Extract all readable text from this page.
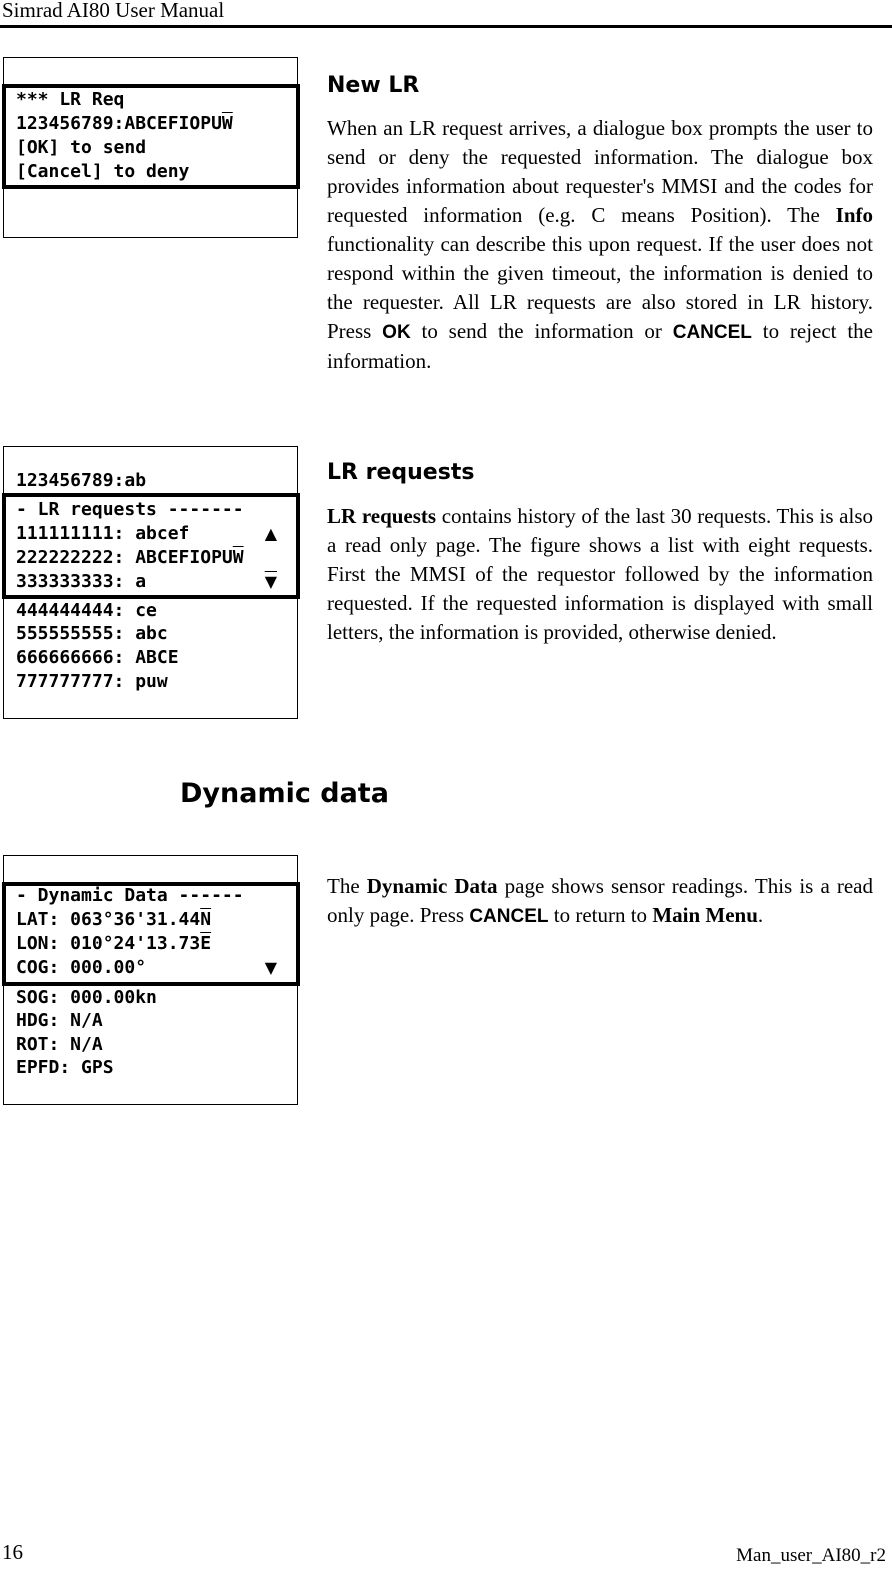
Simrad AI80 User Manual
*** LR Req
$123456789:ABCEFIOPU\overline{W}$
[OK] to send
[Cancel] to deny
New LR
When an LR request arrives, a dialogue box prompts the user to send or deny the requested information. The dialogue box provides information about requester's MMSI and the codes for requested information (e.g. C means Position). The Info functionality can describe this upon request. If the user does not respond within the given timeout, the information is denied to the requester. All LR requests are also stored in LR history. Press OK to send the information or CANCEL to reject the information.
123456789:ab
- LR requests -------
111111111: abcef	▲
222222222: $ABCEFIOPU\overline{W}$
333333333: a	▼
444444444: ce
555555555: abc
666666666: ABCE
777777777: puw
LR requests
LR requests contains history of the last 30 requests. This is also a read only page. The figure shows a list with eight requests. First the MMSI of the requestor followed by the information requested. If the requested information is displayed with small letters, the information is provided, otherwise denied.
Dynamic data
- Dynamic Data ------
LAT: $063^\circ 36'31.44\overline{N}$
LON: $010^\circ 24'13.73\overline{E}$
COG: 000.00°	▼
SOG: 000.00kn
HDG: N/A
ROT: N/A
EPFD: GPS
The Dynamic Data page shows sensor readings. This is a read only page. Press CANCEL to return to Main Menu.
16	Man_user_AI80_r2
